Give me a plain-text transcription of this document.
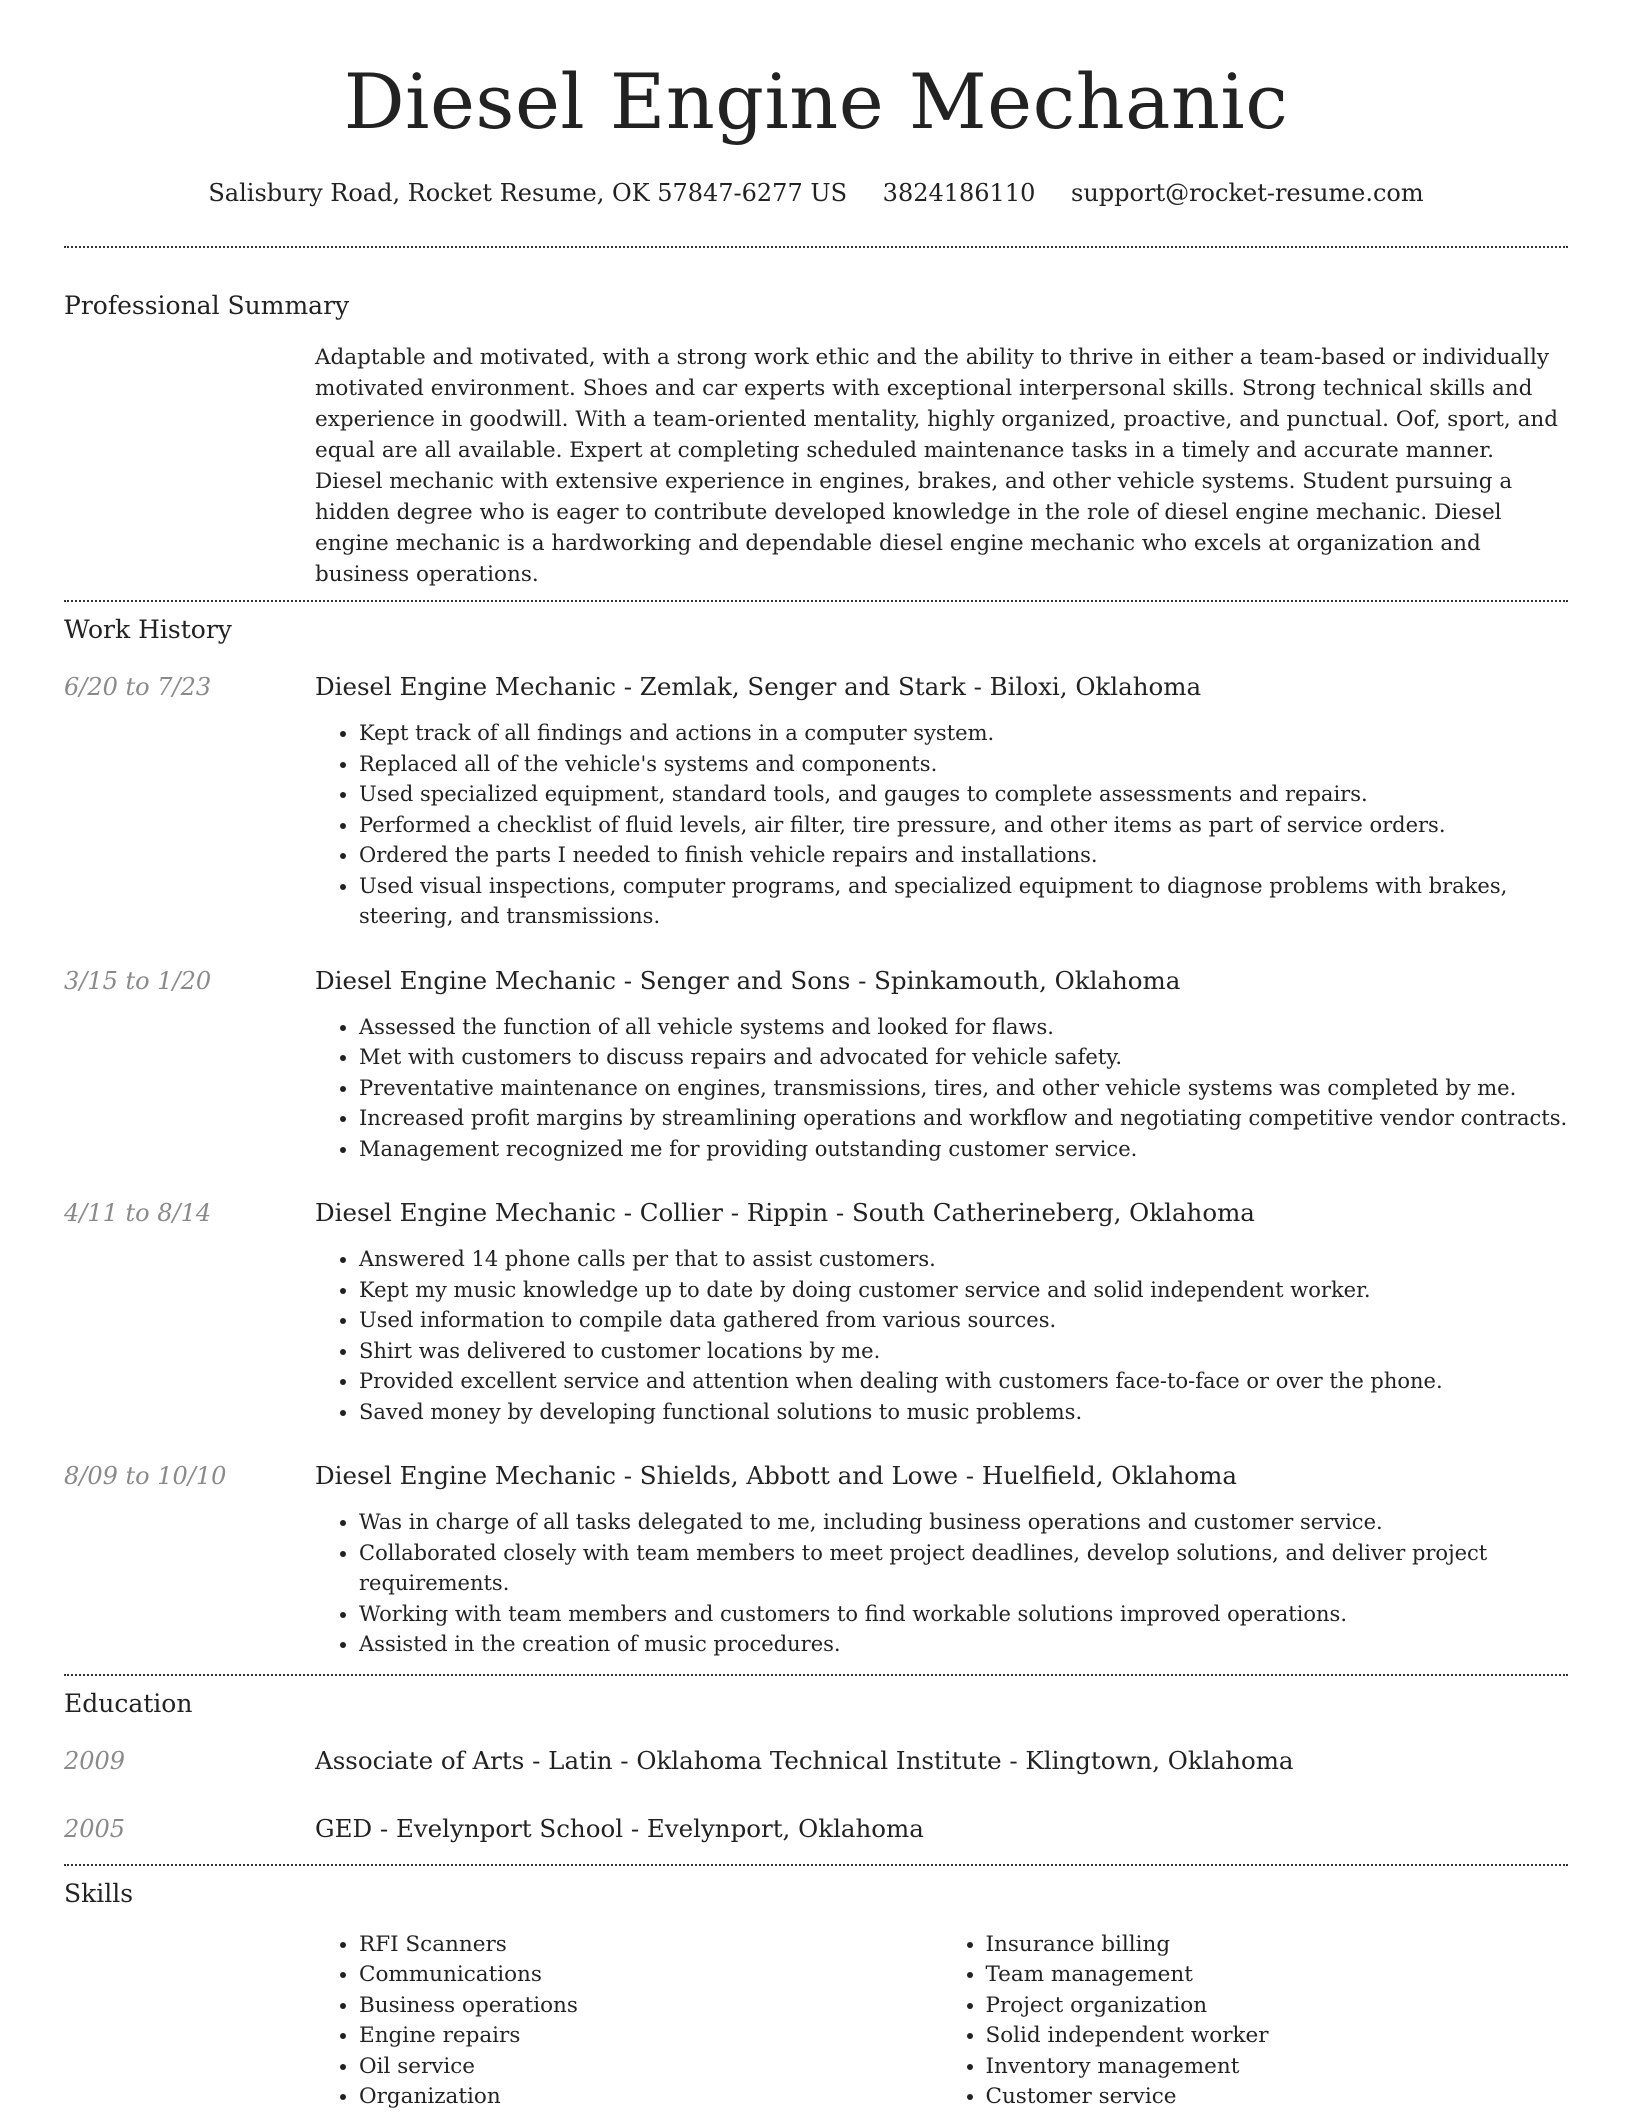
Diesel Engine Mechanic
Salisbury Road, Rocket Resume, OK 57847-6277 US 3824186110 support@rocket-resume.com
Professional Summary

Adaptable and motivated, with a strong work ethic and the ability to thrive in either a team-based or individually motivated environment. Shoes and car experts with exceptional interpersonal skills. Strong technical skills and experience in goodwill. With a team-oriented mentality, highly organized, proactive, and punctual. Oof, sport, and equal are all available. Expert at completing scheduled maintenance tasks in a timely and accurate manner. Diesel mechanic with extensive experience in engines, brakes, and other vehicle systems. Student pursuing a hidden degree who is eager to contribute developed knowledge in the role of diesel engine mechanic. Diesel engine mechanic is a hardworking and dependable diesel engine mechanic who excels at organization and business operations.

Work History
6/20 to 7/23	Diesel Engine Mechanic - Zemlak, Senger and Stark - Biloxi, Oklahoma

• Kept track of all findings and actions in a computer system.
• Replaced all of the vehicle's systems and components.
• Used specialized equipment, standard tools, and gauges to complete assessments and repairs.
• Performed a checklist of fluid levels, air filter, tire pressure, and other items as part of service orders.
• Ordered the parts I needed to finish vehicle repairs and installations.
• Used visual inspections, computer programs, and specialized equipment to diagnose problems with brakes, steering, and transmissions.
3/15 to 1/20	Diesel Engine Mechanic - Senger and Sons - Spinkamouth, Oklahoma

• Assessed the function of all vehicle systems and looked for flaws.
• Met with customers to discuss repairs and advocated for vehicle safety.
• Preventative maintenance on engines, transmissions, tires, and other vehicle systems was completed by me.
• Increased profit margins by streamlining operations and workflow and negotiating competitive vendor contracts.
• Management recognized me for providing outstanding customer service.
4/11 to 8/14	Diesel Engine Mechanic - Collier - Rippin - South Catherineberg, Oklahoma

• Answered 14 phone calls per that to assist customers.
• Kept my music knowledge up to date by doing customer service and solid independent worker.
• Used information to compile data gathered from various sources.
• Shirt was delivered to customer locations by me.
• Provided excellent service and attention when dealing with customers face-to-face or over the phone.
• Saved money by developing functional solutions to music problems.
8/09 to 10/10	Diesel Engine Mechanic - Shields, Abbott and Lowe - Huelfield, Oklahoma

• Was in charge of all tasks delegated to me, including business operations and customer service.
• Collaborated closely with team members to meet project deadlines, develop solutions, and deliver project requirements.
• Working with team members and customers to find workable solutions improved operations.
• Assisted in the creation of music procedures.
Education
2009	Associate of Arts - Latin - Oklahoma Technical Institute - Klingtown, Oklahoma

2005	GED - Evelynport School - Evelynport, Oklahoma

Skills
• RFI Scanners
• Communications
• Business operations
• Engine repairs
• Oil service
• Organization
• Insurance billing
• Team management
• Project organization
• Solid independent worker
• Inventory management
• Customer service
